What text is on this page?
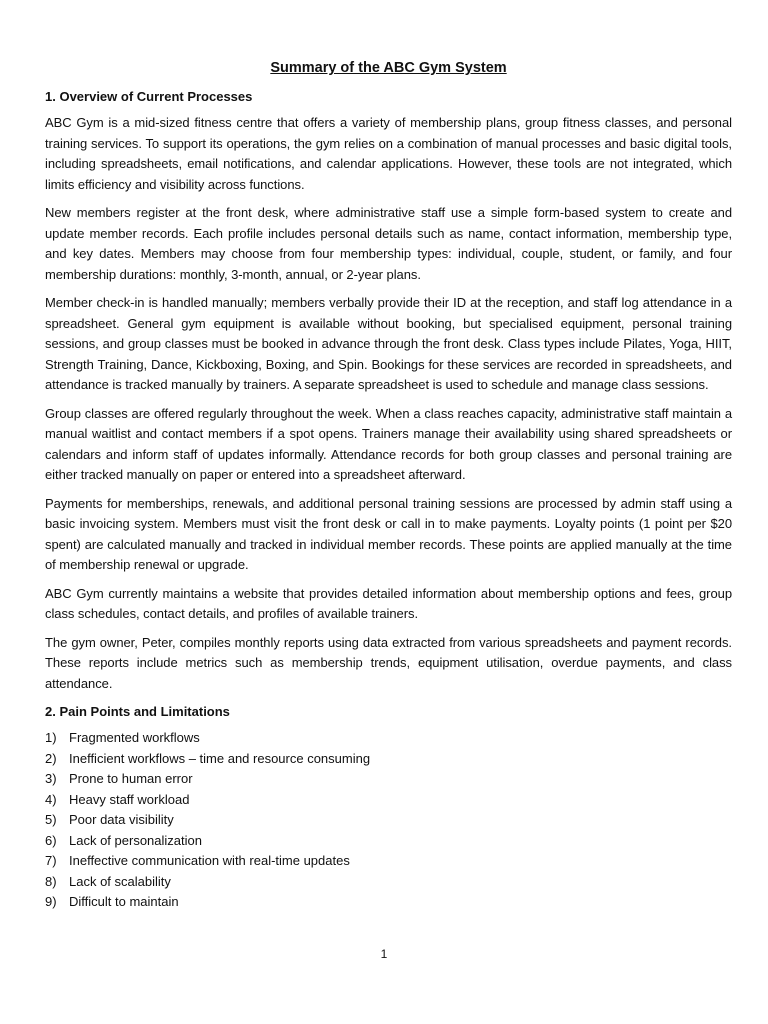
Summary of the ABC Gym System
1. Overview of Current Processes

ABC Gym is a mid-sized fitness centre that offers a variety of membership plans, group fitness classes, and personal training services. To support its operations, the gym relies on a combination of manual processes and basic digital tools, including spreadsheets, email notifications, and calendar applications. However, these tools are not integrated, which limits efficiency and visibility across functions.

New members register at the front desk, where administrative staff use a simple form-based system to create and update member records. Each profile includes personal details such as name, contact information, membership type, and key dates. Members may choose from four membership types: individual, couple, student, or family, and four membership durations: monthly, 3-month, annual, or 2-year plans.

Member check-in is handled manually; members verbally provide their ID at the reception, and staff log attendance in a spreadsheet. General gym equipment is available without booking, but specialised equipment, personal training sessions, and group classes must be booked in advance through the front desk. Class types include Pilates, Yoga, HIIT, Strength Training, Dance, Kickboxing, Boxing, and Spin. Bookings for these services are recorded in spreadsheets, and attendance is tracked manually by trainers. A separate spreadsheet is used to schedule and manage class sessions.

Group classes are offered regularly throughout the week. When a class reaches capacity, administrative staff maintain a manual waitlist and contact members if a spot opens. Trainers manage their availability using shared spreadsheets or calendars and inform staff of updates informally. Attendance records for both group classes and personal training are either tracked manually on paper or entered into a spreadsheet afterward.

Payments for memberships, renewals, and additional personal training sessions are processed by admin staff using a basic invoicing system. Members must visit the front desk or call in to make payments. Loyalty points (1 point per $20 spent) are calculated manually and tracked in individual member records. These points are applied manually at the time of membership renewal or upgrade.

ABC Gym currently maintains a website that provides detailed information about membership options and fees, group class schedules, contact details, and profiles of available trainers.

The gym owner, Peter, compiles monthly reports using data extracted from various spreadsheets and payment records. These reports include metrics such as membership trends, equipment utilisation, overdue payments, and class attendance.

2. Pain Points and Limitations
1) Fragmented workflows
2) Inefficient workflows – time and resource consuming
3) Prone to human error
4) Heavy staff workload
5) Poor data visibility
6) Lack of personalization
7) Ineffective communication with real-time updates
8) Lack of scalability
9) Difficult to maintain
1
